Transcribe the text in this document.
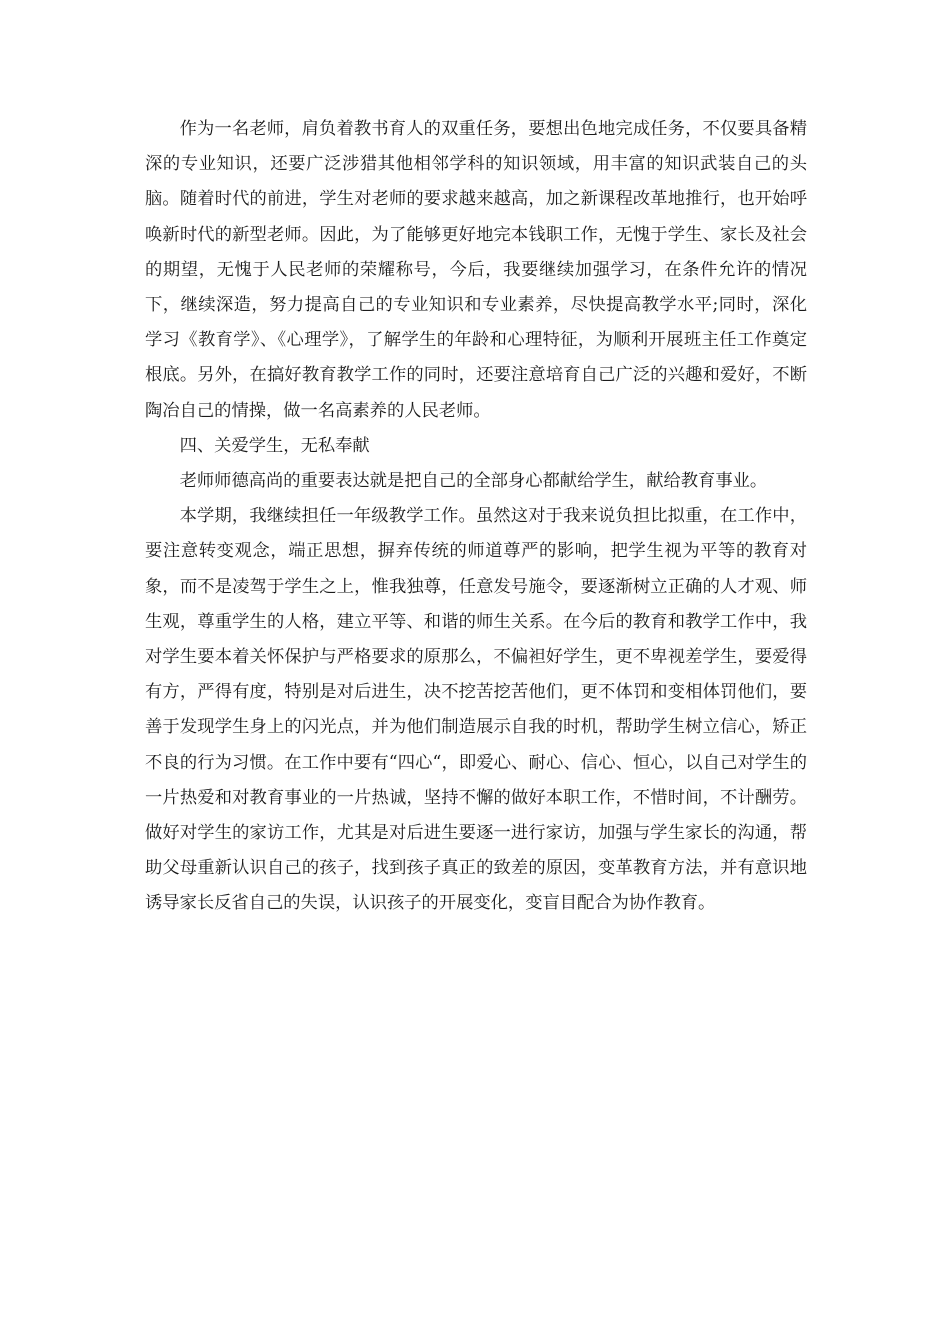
作为一名老师，肩负着教书育人的双重任务，要想出色地完成任务，不仅要具备精深的专业知识，还要广泛涉猎其他相邻学科的知识领域，用丰富的知识武装自己的头脑。随着时代的前进，学生对老师的要求越来越高，加之新课程改革地推行，也开始呼唤新时代的新型老师。因此，为了能够更好地完本钱职工作，无愧于学生、家长及社会的期望，无愧于人民老师的荣耀称号，今后，我要继续加强学习，在条件允许的情况下，继续深造，努力提高自己的专业知识和专业素养，尽快提高教学水平;同时，深化学习《教育学》、《心理学》，了解学生的年龄和心理特征，为顺利开展班主任工作奠定根底。另外，在搞好教育教学工作的同时，还要注意培育自己广泛的兴趣和爱好，不断陶冶自己的情操，做一名高素养的人民老师。

四、关爱学生，无私奉献

老师师德高尚的重要表达就是把自己的全部身心都献给学生，献给教育事业。

本学期，我继续担任一年级教学工作。虽然这对于我来说负担比拟重，在工作中，要注意转变观念，端正思想，摒弃传统的师道尊严的影响，把学生视为平等的教育对象，而不是凌驾于学生之上，惟我独尊，任意发号施令，要逐渐树立正确的人才观、师生观，尊重学生的人格，建立平等、和谐的师生关系。在今后的教育和教学工作中，我对学生要本着关怀保护与严格要求的原那么，不偏袒好学生，更不卑视差学生，要爱得有方，严得有度，特别是对后进生，决不挖苦挖苦他们，更不体罚和变相体罚他们，要善于发现学生身上的闪光点，并为他们制造展示自我的时机，帮助学生树立信心，矫正不良的行为习惯。在工作中要有“四心“，即爱心、耐心、信心、恒心，以自己对学生的一片热爱和对教育事业的一片热诚，坚持不懈的做好本职工作，不惜时间，不计酬劳。做好对学生的家访工作，尤其是对后进生要逐一进行家访，加强与学生家长的沟通，帮助父母重新认识自己的孩子，找到孩子真正的致差的原因，变革教育方法，并有意识地诱导家长反省自己的失误，认识孩子的开展变化，变盲目配合为协作教育。
